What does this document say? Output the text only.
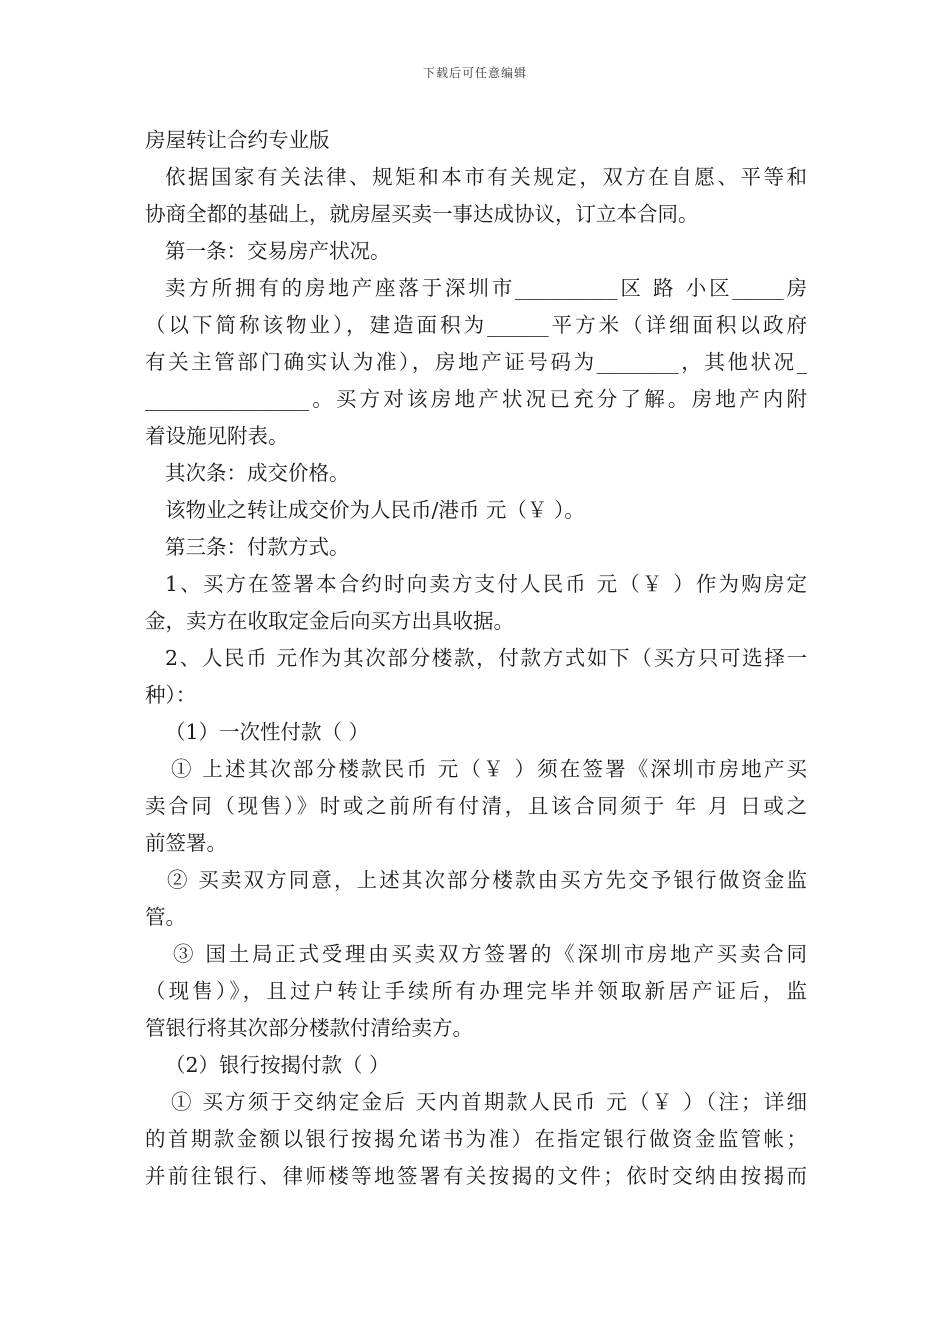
下载后可任意编辑
房屋转让合约专业版
依据国家有关法律、规矩和本市有关规定，双方在自愿、平等和
协商全都的基础上，就房屋买卖一事达成协议，订立本合同。
第一条：交易房产状况。
卖方所拥有的房地产座落于深圳市__________区 路 小区_____房
（以下简称该物业），建造面积为______平方米（详细面积以政府
有关主管部门确实认为准），房地产证号码为________，其他状况_
________________。买方对该房地产状况已充分了解。房地产内附
着设施见附表。
其次条：成交价格。
该物业之转让成交价为人民币/港币 元（￥ ）。
第三条：付款方式。
1、买方在签署本合约时向卖方支付人民币 元（￥ ）作为购房定
金，卖方在收取定金后向买方出具收据。
2、人民币 元作为其次部分楼款，付款方式如下（买方只可选择一
种）：
（1）一次性付款（ ）
① 上述其次部分楼款民币 元（￥ ）须在签署《深圳市房地产买
卖合同（现售）》时或之前所有付清，且该合同须于 年 月 日或之
前签署。
② 买卖双方同意，上述其次部分楼款由买方先交予银行做资金监
管。
③ 国土局正式受理由买卖双方签署的《深圳市房地产买卖合同
（现售）》，且过户转让手续所有办理完毕并领取新居产证后，监
管银行将其次部分楼款付清给卖方。
（2）银行按揭付款（ ）
① 买方须于交纳定金后 天内首期款人民币 元（￥ ）（注；详细
的首期款金额以银行按揭允诺书为准）在指定银行做资金监管帐；
并前往银行、律师楼等地签署有关按揭的文件；依时交纳由按揭而
